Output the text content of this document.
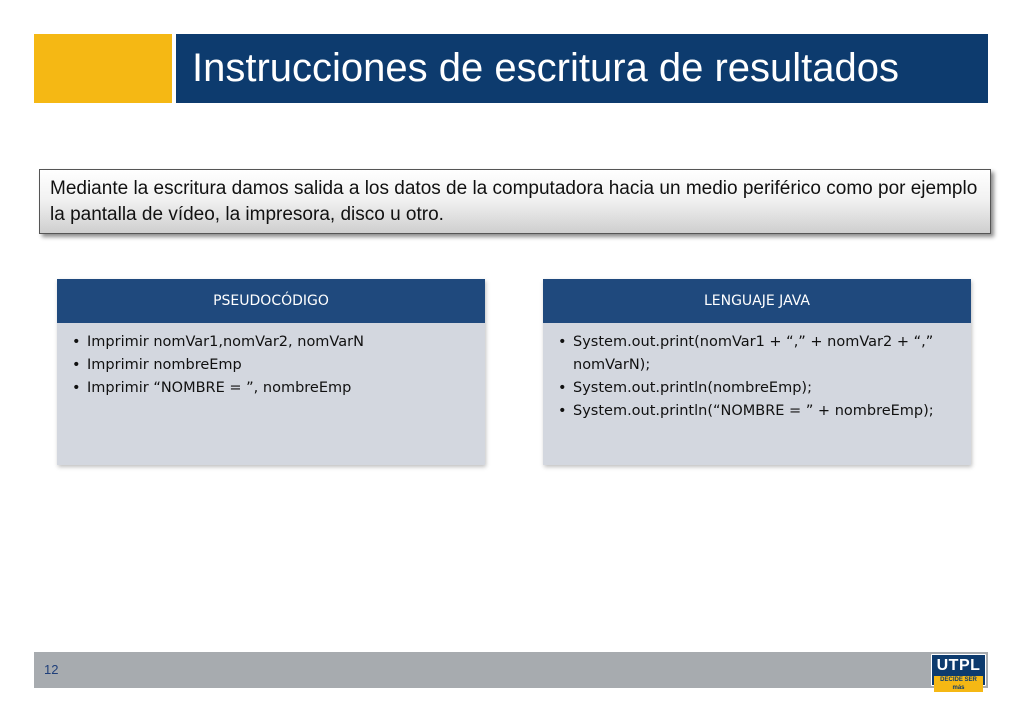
Instrucciones de escritura de resultados
Mediante la escritura damos salida a los datos de la computadora hacia un medio periférico como por ejemplo la pantalla de vídeo, la impresora, disco u otro.
PSEUDOCÓDIGO
• Imprimir nomVar1,nomVar2, nomVarN
• Imprimir nombreEmp
• Imprimir “NOMBRE = ”, nombreEmp
LENGUAJE JAVA
• System.out.print(nomVar1 + “,” + nomVar2 + “,” nomVarN);
• System.out.println(nombreEmp);
• System.out.println(“NOMBRE = ” + nombreEmp);
12	UTPL
DECIDE SER más
